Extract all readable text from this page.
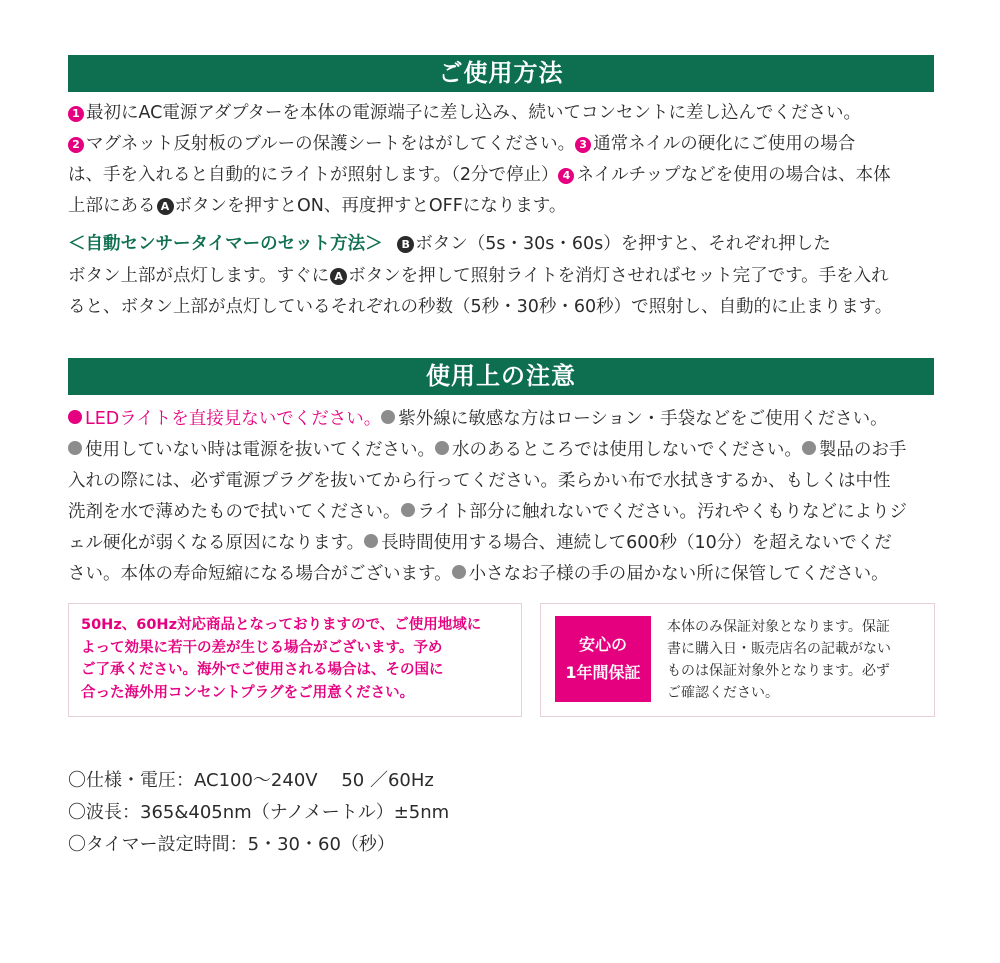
ご使用方法
1 最初にAC電源アダプターを本体の電源端子に差し込み、続いてコンセントに差し込んでください。
2 マグネット反射板のブルーの保護シートをはがしてください。 3 通常ネイルの硬化にご使用の場合
は、手を入れると自動的にライトが照射します。（2分で停止） 4 ネイルチップなどを使用の場合は、本体
上部にある A ボタンを押すとON、再度押すとOFFになります。
＜自動センサータイマーのセット方法＞ B ボタン（5s・30s・60s）を押すと、それぞれ押した
ボタン上部が点灯します。すぐに A ボタンを押して照射ライトを消灯させればセット完了です。手を入れ
ると、ボタン上部が点灯しているそれぞれの秒数（5秒・30秒・60秒）で照射し、自動的に止まります。
使用上の注意
LEDライトを直接見ないでください。 紫外線に敏感な方はローション・手袋などをご使用ください。
使用していない時は電源を抜いてください。 水のあるところでは使用しないでください。 製品のお手
入れの際には、必ず電源プラグを抜いてから行ってください。柔らかい布で水拭きするか、もしくは中性
洗剤を水で薄めたもので拭いてください。 ライト部分に触れないでください。汚れやくもりなどによりジ
ェル硬化が弱くなる原因になります。 長時間使用する場合、連続して600秒（10分）を超えないでくだ
さい。本体の寿命短縮になる場合がございます。 小さなお子様の手の届かない所に保管してください。
50Hz、60Hz対応商品となっておりますので、ご使用地域に
よって効果に若干の差が生じる場合がございます。予め
ご了承ください。海外でご使用される場合は、その国に
合った海外用コンセントプラグをご用意ください。
安心の
1年間保証
本体のみ保証対象となります。保証
書に購入日・販売店名の記載がない
ものは保証対象外となります。必ず
ご確認ください。
〇仕様・電圧：AC100〜240V　 50 ／60Hz
〇波長：365&405nm（ナノメートル）±5nm
〇タイマー設定時間：5・30・60（秒）
